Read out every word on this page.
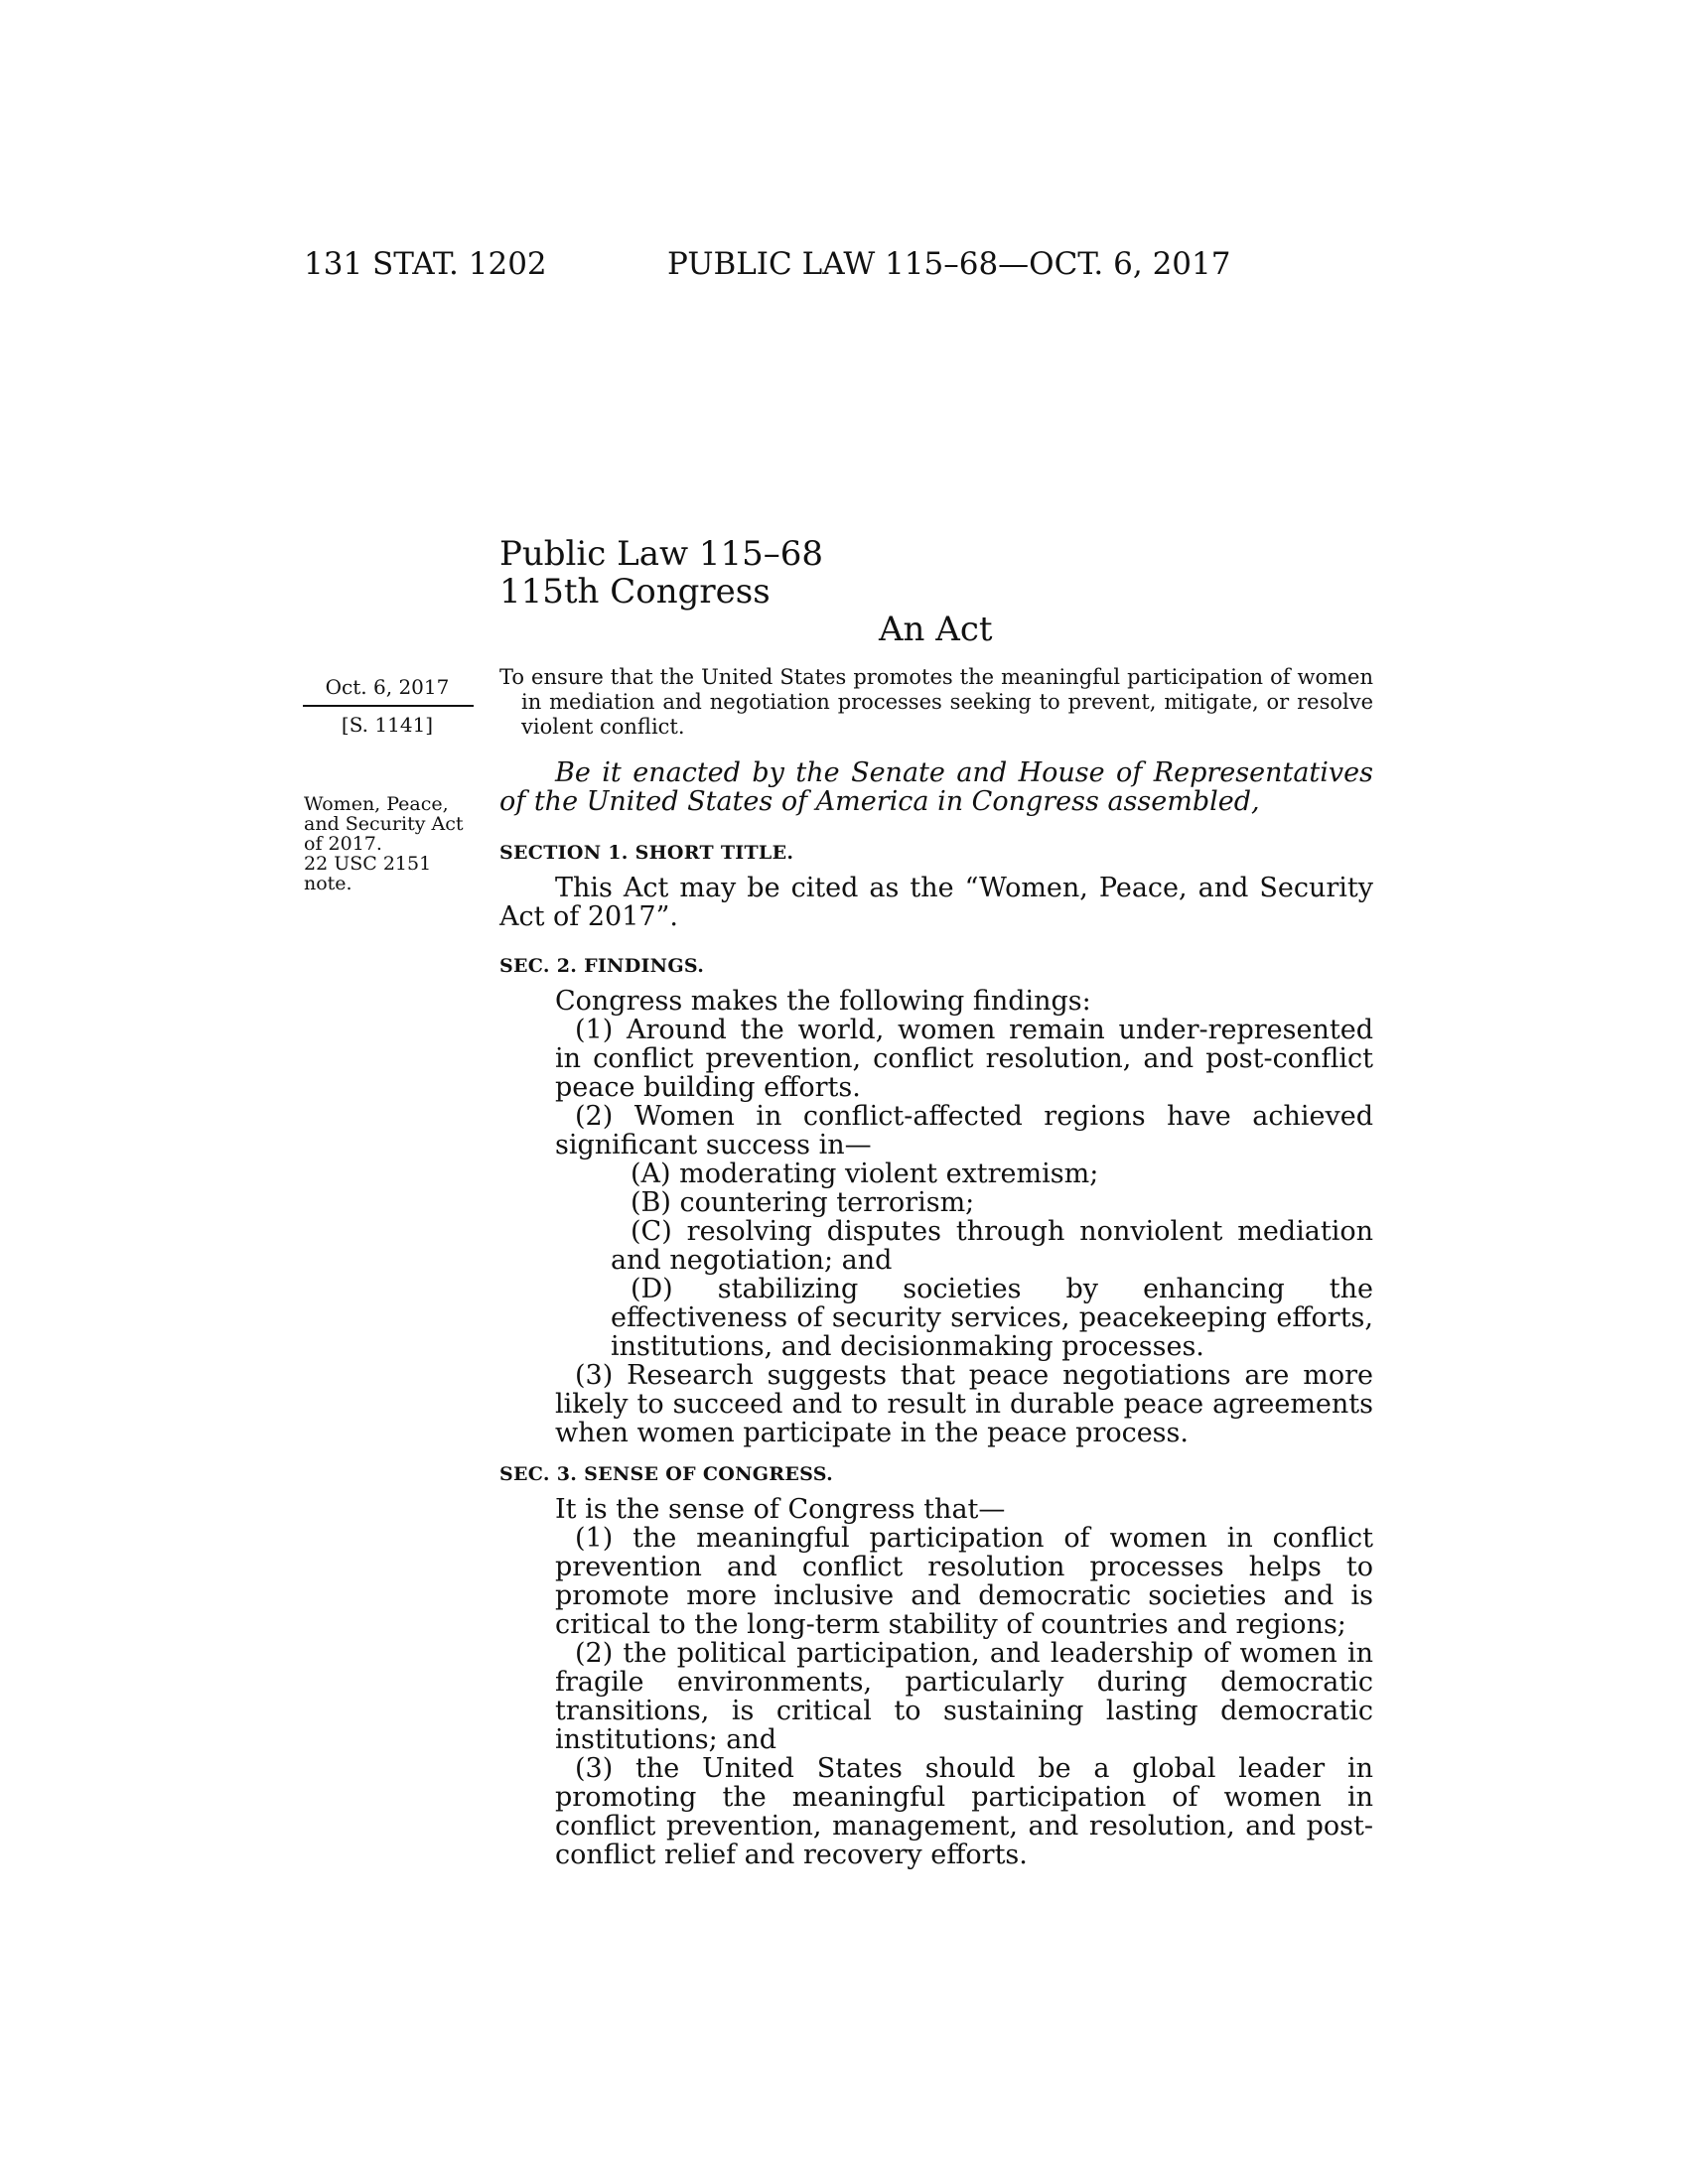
131 STAT. 1202	PUBLIC LAW 115–68—OCT. 6, 2017
Public Law 115–68
115th Congress
An Act
Oct. 6, 2017
[S. 1141]
Women, Peace,
and Security Act
of 2017.
22 USC 2151
note.
To ensure that the United States promotes the meaningful participation of women in mediation and negotiation processes seeking to prevent, mitigate, or resolve violent conflict.
Be it enacted by the Senate and House of Representatives of the United States of America in Congress assembled,
SECTION 1. SHORT TITLE.
This Act may be cited as the “Women, Peace, and Security Act of 2017”.
SEC. 2. FINDINGS.

Congress makes the following findings:

(1) Around the world, women remain under-represented in conflict prevention, conflict resolution, and post-conflict peace building efforts.

(2) Women in conflict-affected regions have achieved significant success in—

(A) moderating violent extremism;

(B) countering terrorism;

(C) resolving disputes through nonviolent mediation and negotiation; and

(D) stabilizing societies by enhancing the effectiveness of security services, peacekeeping efforts, institutions, and decisionmaking processes.

(3) Research suggests that peace negotiations are more likely to succeed and to result in durable peace agreements when women participate in the peace process.

SEC. 3. SENSE OF CONGRESS.

It is the sense of Congress that—

(1) the meaningful participation of women in conflict prevention and conflict resolution processes helps to promote more inclusive and democratic societies and is critical to the long-term stability of countries and regions;

(2) the political participation, and leadership of women in fragile environments, particularly during democratic transitions, is critical to sustaining lasting democratic institutions; and

(3) the United States should be a global leader in promoting the meaningful participation of women in conflict prevention, management, and resolution, and post-conflict relief and recovery efforts.
